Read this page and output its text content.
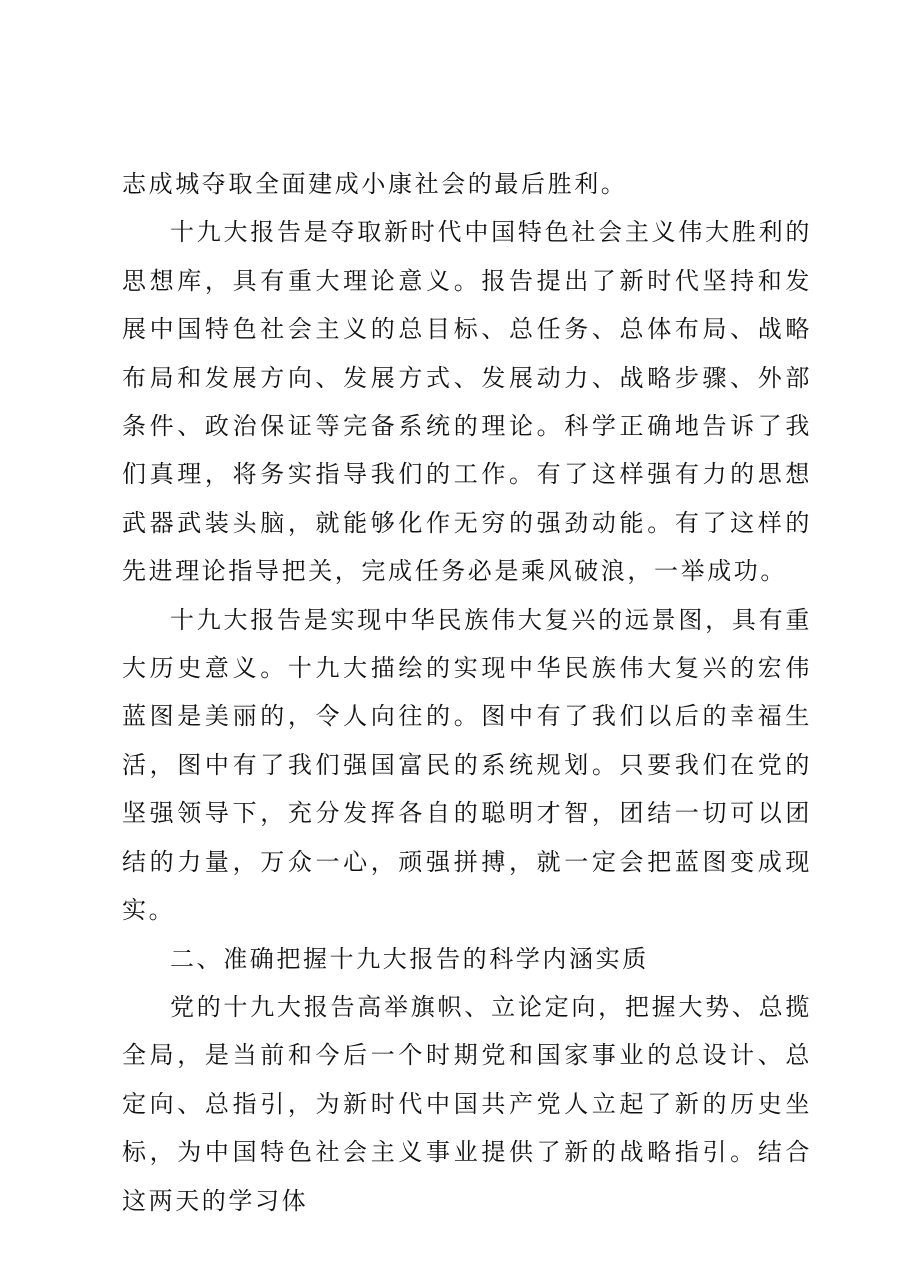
志成城夺取全面建成小康社会的最后胜利。

十九大报告是夺取新时代中国特色社会主义伟大胜利的思想库，具有重大理论意义。报告提出了新时代坚持和发展中国特色社会主义的总目标、总任务、总体布局、战略布局和发展方向、发展方式、发展动力、战略步骤、外部条件、政治保证等完备系统的理论。科学正确地告诉了我们真理，将务实指导我们的工作。有了这样强有力的思想武器武装头脑，就能够化作无穷的强劲动能。有了这样的先进理论指导把关，完成任务必是乘风破浪，一举成功。

十九大报告是实现中华民族伟大复兴的远景图，具有重大历史意义。十九大描绘的实现中华民族伟大复兴的宏伟蓝图是美丽的，令人向往的。图中有了我们以后的幸福生活，图中有了我们强国富民的系统规划。只要我们在党的坚强领导下，充分发挥各自的聪明才智，团结一切可以团结的力量，万众一心，顽强拼搏，就一定会把蓝图变成现实。

二、准确把握十九大报告的科学内涵实质

党的十九大报告高举旗帜、立论定向，把握大势、总揽全局，是当前和今后一个时期党和国家事业的总设计、总定向、总指引，为新时代中国共产党人立起了新的历史坐标，为中国特色社会主义事业提供了新的战略指引。结合这两天的学习体
